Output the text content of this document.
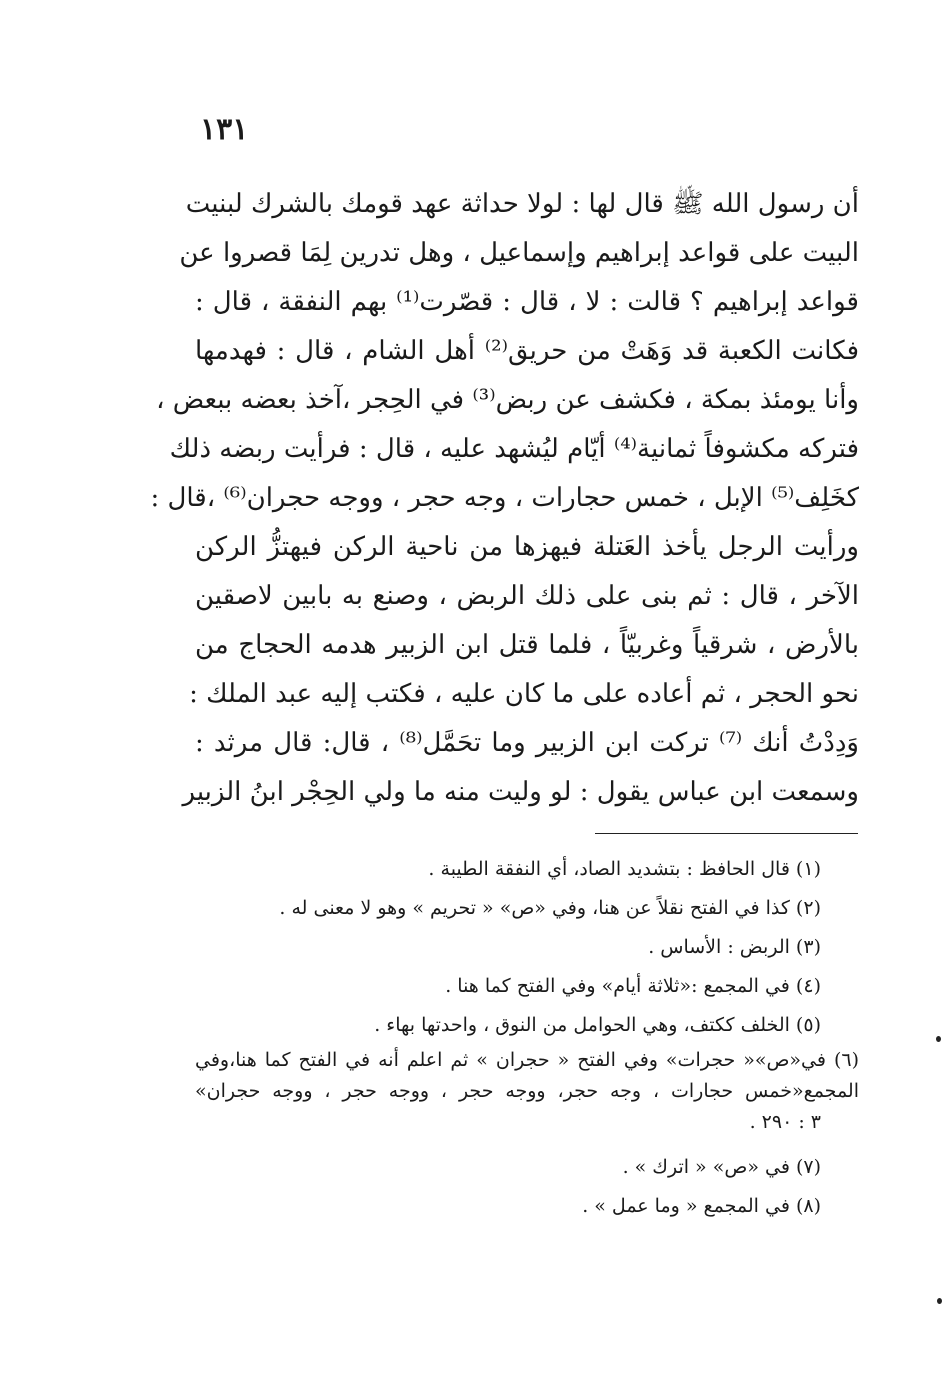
١٣١
أن رسول الله ﷺ قال لها : لولا حداثة عهد قومك بالشرك لبنيت
البيت على قواعد إبراهيم وإسماعيل ، وهل تدرين لِمَا قصروا عن
قواعد إبراهيم ؟ قالت : لا ، قال : قصّرت⁽¹⁾ بهم النفقة ، قال :
فكانت الكعبة قد وَهَتْ من حريق⁽²⁾ أهل الشام ، قال : فهدمها
وأنا يومئذ بمكة ، فكشف عن ربض⁽³⁾ في الحِجر ،آخذ بعضه ببعض ،
فتركه مكشوفاً ثمانية⁽⁴⁾ أيّام ليُشهد عليه ، قال : فرأيت ربضه ذلك
كخَلِف⁽⁵⁾ الإبل ، خمس حجارات ، وجه حجر ، ووجه حجران⁽⁶⁾ ،قال :
ورأيت الرجل يأخذ العَتلة فيهزها من ناحية الركن فيهتزُّ الركن
الآخر ، قال : ثم بنى على ذلك الربض ، وصنع به بابين لاصقين
بالأرض ، شرقياً وغربيّاً ، فلما قتل ابن الزبير هدمه الحجاج من
نحو الحجر ، ثم أعاده على ما كان عليه ، فكتب إليه عبد الملك :
وَدِدْتُ أنك ⁽⁷⁾ تركت ابن الزبير وما تحَمَّل⁽⁸⁾ ، قال: قال مرثد :
وسمعت ابن عباس يقول : لو وليت منه ما ولي الحِجْر ابنُ الزبير
(١) قال الحافظ : بتشديد الصاد، أي النفقة الطيبة .
(٢) كذا في الفتح نقلاً عن هنا، وفي «ص» « تحريم » وهو لا معنى له .
(٣) الربض : الأساس .
(٤) في المجمع :«ثلاثة أيام» وفي الفتح كما هنا .
(٥) الخلف ككتف، وهي الحوامل من النوق ، واحدتها بهاء .
(٦) في«ص»« حجرات» وفي الفتح « حجران » ثم اعلم أنه في الفتح كما هنا،وفي
المجمع«خمس حجارات ، وجه حجر، ووجه حجر ، ووجه حجر ، ووجه حجران»
٣ : ٢٩٠ .
(٧) في «ص» « اترك » .
(٨) في المجمع « وما عمل » .
